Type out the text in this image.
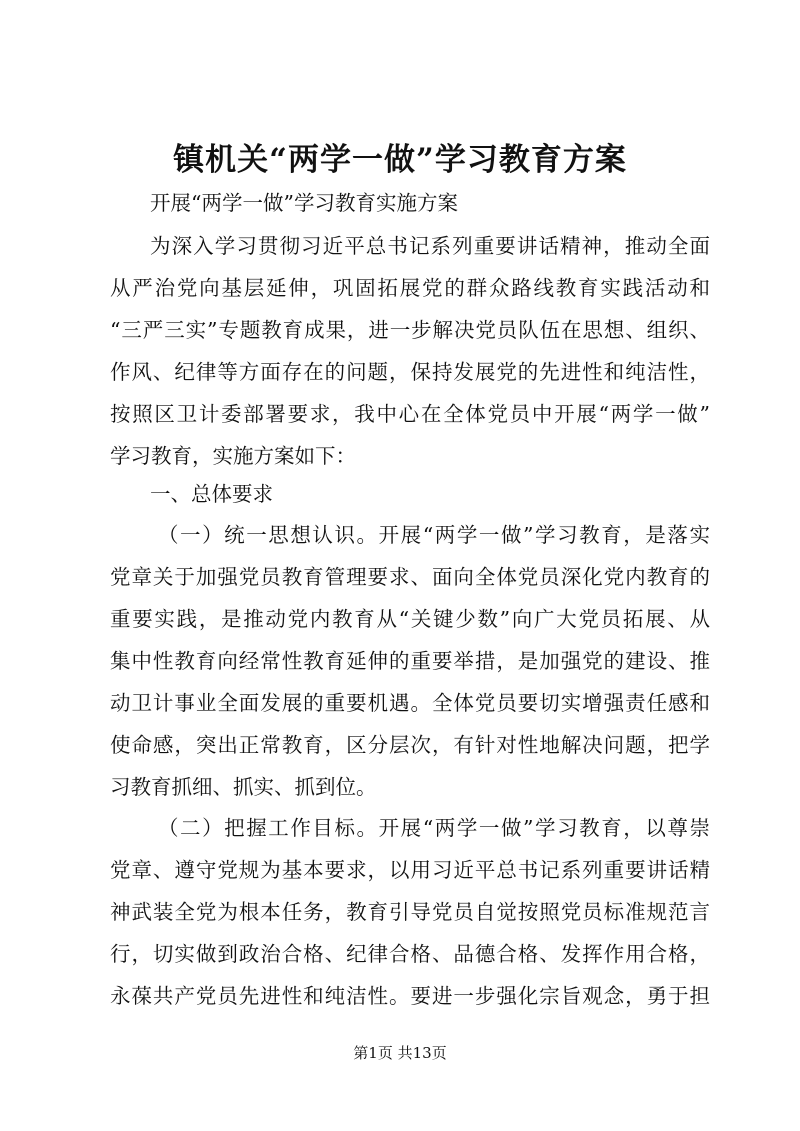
镇机关“两学一做”学习教育方案
开展“两学一做”学习教育实施方案
为深入学习贯彻习近平总书记系列重要讲话精神，推动全面
从严治党向基层延伸，巩固拓展党的群众路线教育实践活动和
“三严三实”专题教育成果，进一步解决党员队伍在思想、组织、
作风、纪律等方面存在的问题，保持发展党的先进性和纯洁性，
按照区卫计委部署要求，我中心在全体党员中开展“两学一做”
学习教育，实施方案如下：
一、总体要求
（一）统一思想认识。开展“两学一做”学习教育，是落实
党章关于加强党员教育管理要求、面向全体党员深化党内教育的
重要实践，是推动党内教育从“关键少数”向广大党员拓展、从
集中性教育向经常性教育延伸的重要举措，是加强党的建设、推
动卫计事业全面发展的重要机遇。全体党员要切实增强责任感和
使命感，突出正常教育，区分层次，有针对性地解决问题，把学
习教育抓细、抓实、抓到位。
（二）把握工作目标。开展“两学一做”学习教育，以尊崇
党章、遵守党规为基本要求，以用习近平总书记系列重要讲话精
神武装全党为根本任务，教育引导党员自觉按照党员标准规范言
行，切实做到政治合格、纪律合格、品德合格、发挥作用合格，
永葆共产党员先进性和纯洁性。要进一步强化宗旨观念，勇于担
第1页 共13页
